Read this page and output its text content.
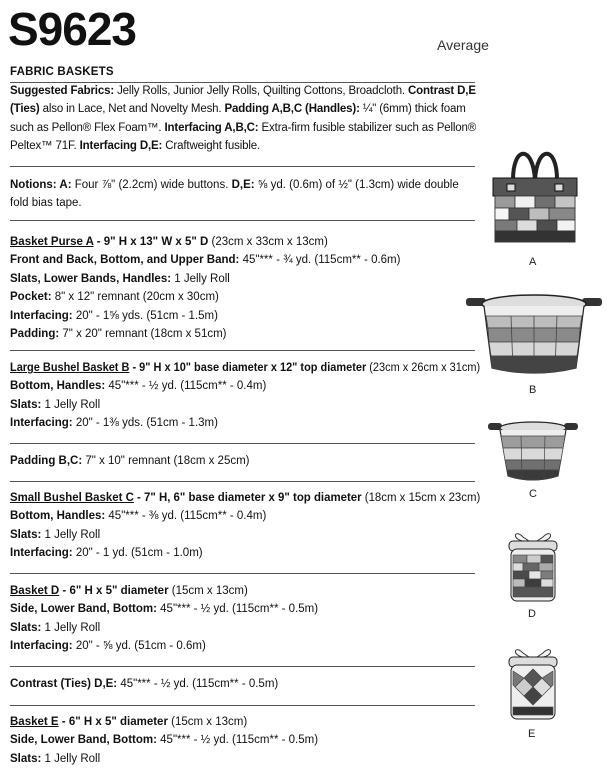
S9623	Average
FABRIC BASKETS

Suggested Fabrics: Jelly Rolls, Junior Jelly Rolls, Quilting Cottons, Broadcloth. Contrast D,E
(Ties) also in Lace, Net and Novelty Mesh. Padding A,B,C (Handles): ¼" (6mm) thick foam such as Pellon® Flex Foam™. Interfacing A,B,C: Extra-firm fusible stabilizer such as Pellon® Peltex™ 71F. Interfacing D,E: Craftweight fusible.

Notions: A: Four ⅞" (2.2cm) wide buttons. D,E: ⅝ yd. (0.6m) of ½" (1.3cm) wide double fold bias tape.

Basket Purse A - 9" H x 13" W x 5" D (23cm x 33cm x 13cm)

Front and Back, Bottom, and Upper Band: 45"*** - ¾ yd. (115cm** - 0.6m)

Slats, Lower Bands, Handles: 1 Jelly Roll

Pocket: 8" x 12" remnant (20cm x 30cm)

Interfacing: 20" - 1⅝ yds. (51cm - 1.5m)

Padding: 7" x 20" remnant (18cm x 51cm)

Large Bushel Basket B - 9" H x 10" base diameter x 12" top diameter (23cm x 26cm x 31cm)

Bottom, Handles: 45"*** - ½ yd. (115cm** - 0.4m)

Slats: 1 Jelly Roll

Interfacing: 20" - 1⅜ yds. (51cm - 1.3m)

Padding B,C: 7" x 10" remnant (18cm x 25cm)

Small Bushel Basket C - 7" H, 6" base diameter x 9" top diameter (18cm x 15cm x 23cm)

Bottom, Handles: 45"*** - ⅜ yd. (115cm** - 0.4m)

Slats: 1 Jelly Roll

Interfacing: 20" - 1 yd. (51cm - 1.0m)

Basket D - 6" H x 5" diameter (15cm x 13cm)

Side, Lower Band, Bottom: 45"*** - ½ yd. (115cm** - 0.5m)

Slats: 1 Jelly Roll

Interfacing: 20" - ⅝ yd. (51cm - 0.6m)

Contrast (Ties) D,E: 45"*** - ½ yd. (115cm** - 0.5m)

Basket E - 6" H x 5" diameter (15cm x 13cm)

Side, Lower Band, Bottom: 45"*** - ½ yd. (115cm** - 0.5m)

Slats: 1 Jelly Roll

A
B
C
D
E
